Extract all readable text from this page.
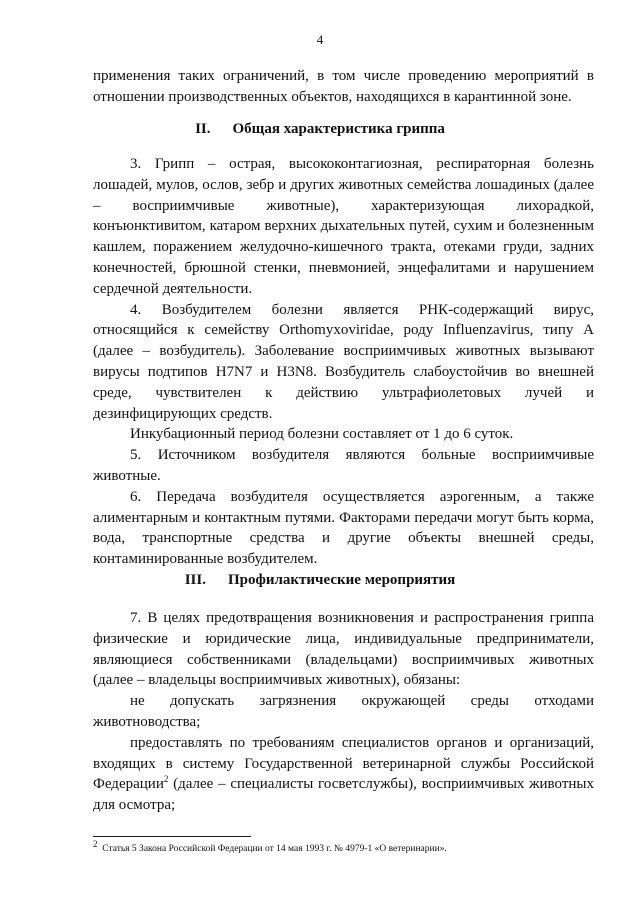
4
применения таких ограничений, в том числе проведению мероприятий в отношении производственных объектов, находящихся в карантинной зоне.
II. Общая характеристика гриппа
3. Грипп – острая, высококонтагиозная, респираторная болезнь лошадей, мулов, ослов, зебр и других животных семейства лошадиных (далее – восприимчивые животные), характеризующая лихорадкой, конъюнктивитом, катаром верхних дыхательных путей, сухим и болезненным кашлем, поражением желудочно-кишечного тракта, отеками груди, задних конечностей, брюшной стенки, пневмонией, энцефалитами и нарушением сердечной деятельности.
4. Возбудителем болезни является РНК-содержащий вирус, относящийся к семейству Orthomyxoviridae, роду Influenzavirus, типу A (далее – возбудитель). Заболевание восприимчивых животных вызывают вирусы подтипов H7N7 и H3N8. Возбудитель слабоустойчив во внешней среде, чувствителен к действию ультрафиолетовых лучей и дезинфицирующих средств.
Инкубационный период болезни составляет от 1 до 6 суток.
5. Источником возбудителя являются больные восприимчивые животные.
6. Передача возбудителя осуществляется аэрогенным, а также алиментарным и контактным путями. Факторами передачи могут быть корма, вода, транспортные средства и другие объекты внешней среды, контаминированные возбудителем.
III. Профилактические мероприятия
7. В целях предотвращения возникновения и распространения гриппа физические и юридические лица, индивидуальные предприниматели, являющиеся собственниками (владельцами) восприимчивых животных (далее – владельцы восприимчивых животных), обязаны:
не допускать загрязнения окружающей среды отходами животноводства;
предоставлять по требованиям специалистов органов и организаций, входящих в систему Государственной ветеринарной службы Российской Федерации$^2$ (далее – специалисты госветслужбы), восприимчивых животных для осмотра;
$^2$  Статья 5 Закона Российской Федерации от 14 мая 1993 г. № 4979-1 «О ветеринарии».
